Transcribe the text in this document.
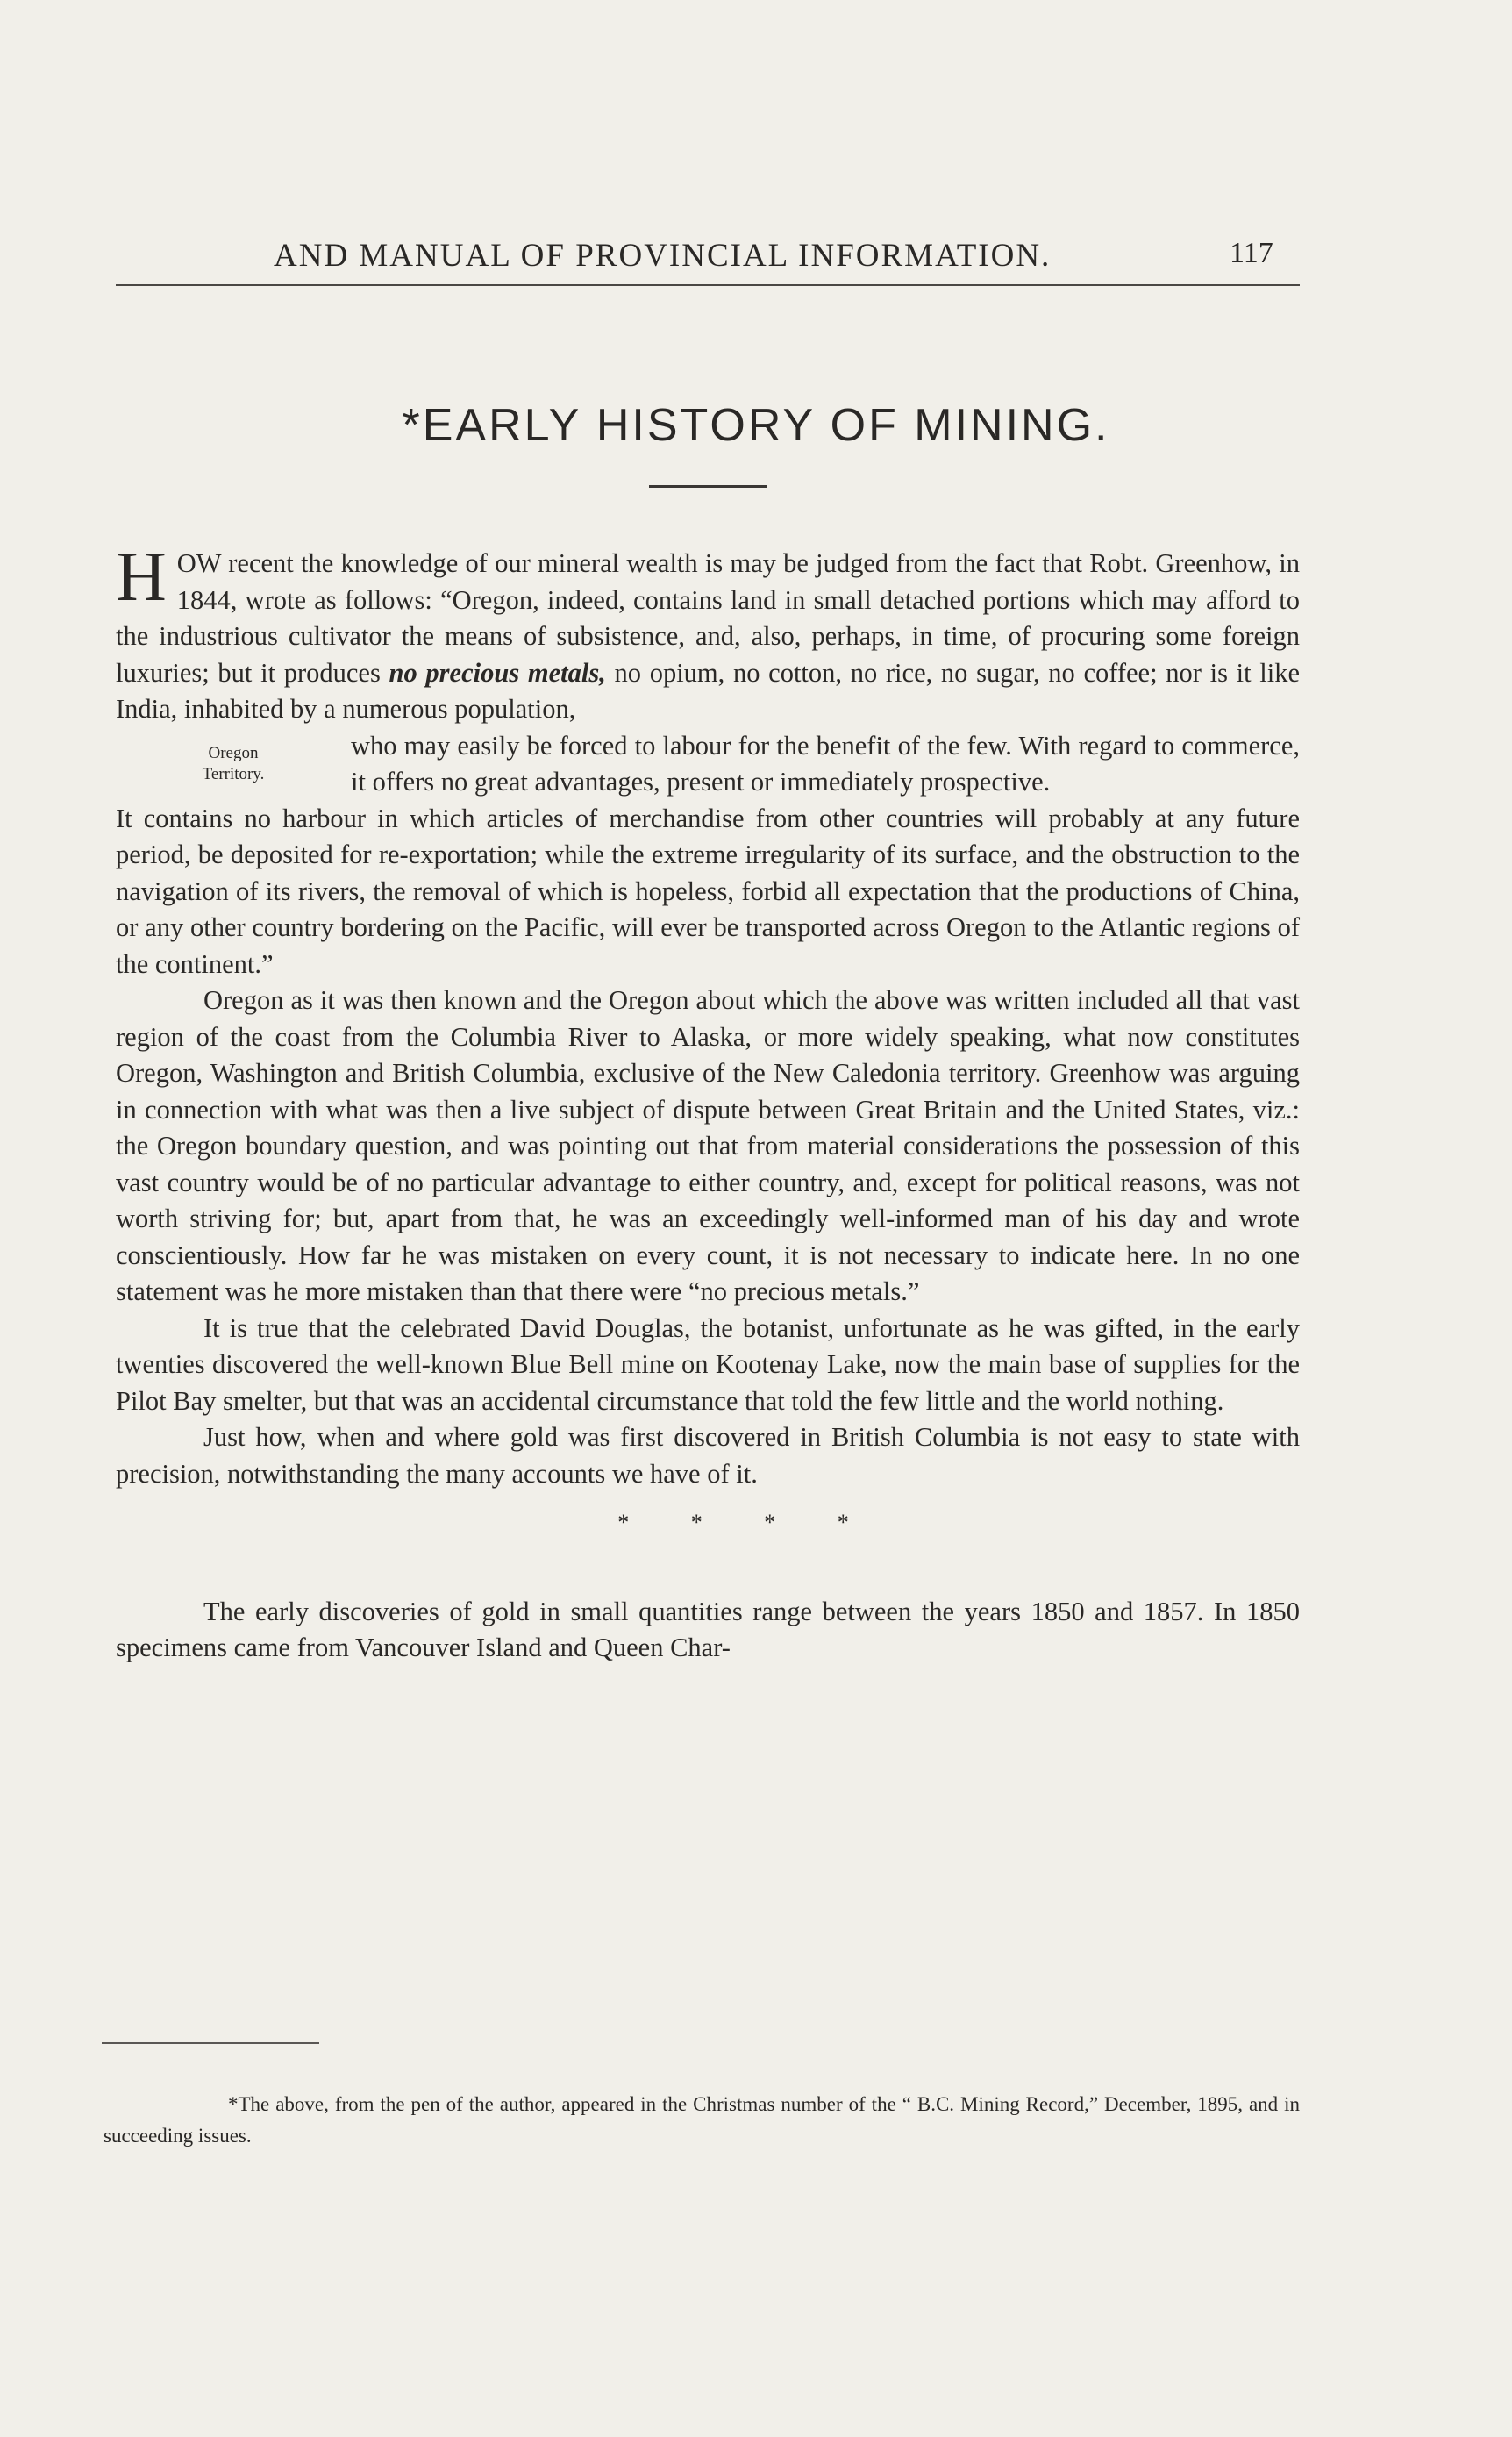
AND MANUAL OF PROVINCIAL INFORMATION.	117
*EARLY HISTORY OF MINING.

HOW recent the knowledge of our mineral wealth is may be judged from the fact that Robt. Greenhow, in 1844, wrote as follows: “Oregon, indeed, contains land in small detached portions which may afford to the industrious cultivator the means of subsistence, and, also, perhaps, in time, of procuring some foreign luxuries; but it produces no precious metals, no opium, no cotton, no rice, no sugar, no coffee; nor is it like India, inhabited by a numerous population,

Oregon
Territory.

who may easily be forced to labour for the benefit of the few. With regard to commerce, it offers no great advantages, present or immediately prospective.

It contains no harbour in which articles of merchandise from other countries will probably at any future period, be deposited for re-exportation; while the extreme irregularity of its surface, and the obstruction to the navigation of its rivers, the removal of which is hopeless, forbid all expectation that the productions of China, or any other country bordering on the Pacific, will ever be transported across Oregon to the Atlantic regions of the continent.”

Oregon as it was then known and the Oregon about which the above was written included all that vast region of the coast from the Columbia River to Alaska, or more widely speaking, what now constitutes Oregon, Washington and British Columbia, exclusive of the New Caledonia territory. Greenhow was arguing in connection with what was then a live subject of dispute between Great Britain and the United States, viz.: the Oregon boundary question, and was pointing out that from material considerations the possession of this vast country would be of no particular advantage to either country, and, except for political reasons, was not worth striving for; but, apart from that, he was an exceedingly well-informed man of his day and wrote conscientiously. How far he was mistaken on every count, it is not necessary to indicate here. In no one statement was he more mistaken than that there were “no precious metals.”

It is true that the celebrated David Douglas, the botanist, unfortunate as he was gifted, in the early twenties discovered the well-known Blue Bell mine on Kootenay Lake, now the main base of supplies for the Pilot Bay smelter, but that was an accidental circumstance that told the few little and the world nothing.

Just how, when and where gold was first discovered in British Columbia is not easy to state with precision, notwithstanding the many accounts we have of it.

* * * *

The early discoveries of gold in small quantities range between the years 1850 and 1857. In 1850 specimens came from Vancouver Island and Queen Char-

*The above, from the pen of the author, appeared in the Christmas number of the “ B.C. Mining Record,” December, 1895, and in succeeding issues.
